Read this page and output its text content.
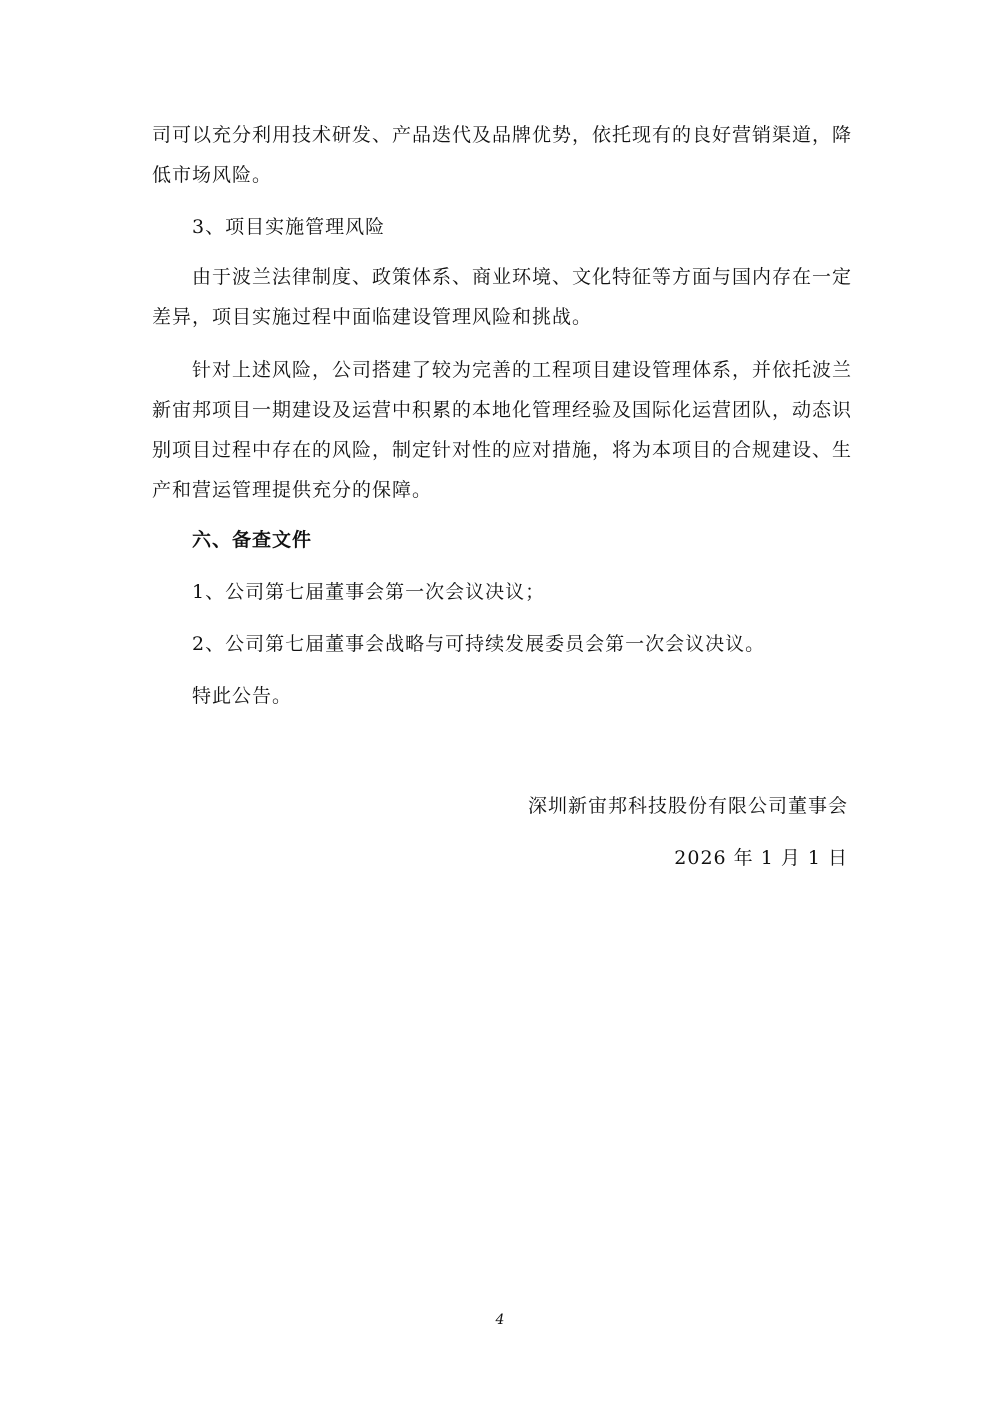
司可以充分利用技术研发、产品迭代及品牌优势，依托现有的良好营销渠道，降
低市场风险。
3、项目实施管理风险
由于波兰法律制度、政策体系、商业环境、文化特征等方面与国内存在一定
差异，项目实施过程中面临建设管理风险和挑战。
针对上述风险，公司搭建了较为完善的工程项目建设管理体系，并依托波兰
新宙邦项目一期建设及运营中积累的本地化管理经验及国际化运营团队，动态识
别项目过程中存在的风险，制定针对性的应对措施，将为本项目的合规建设、生
产和营运管理提供充分的保障。
六、备查文件
1、公司第七届董事会第一次会议决议；
2、公司第七届董事会战略与可持续发展委员会第一次会议决议。
特此公告。
深圳新宙邦科技股份有限公司董事会
2026 年 1 月 1 日
4
